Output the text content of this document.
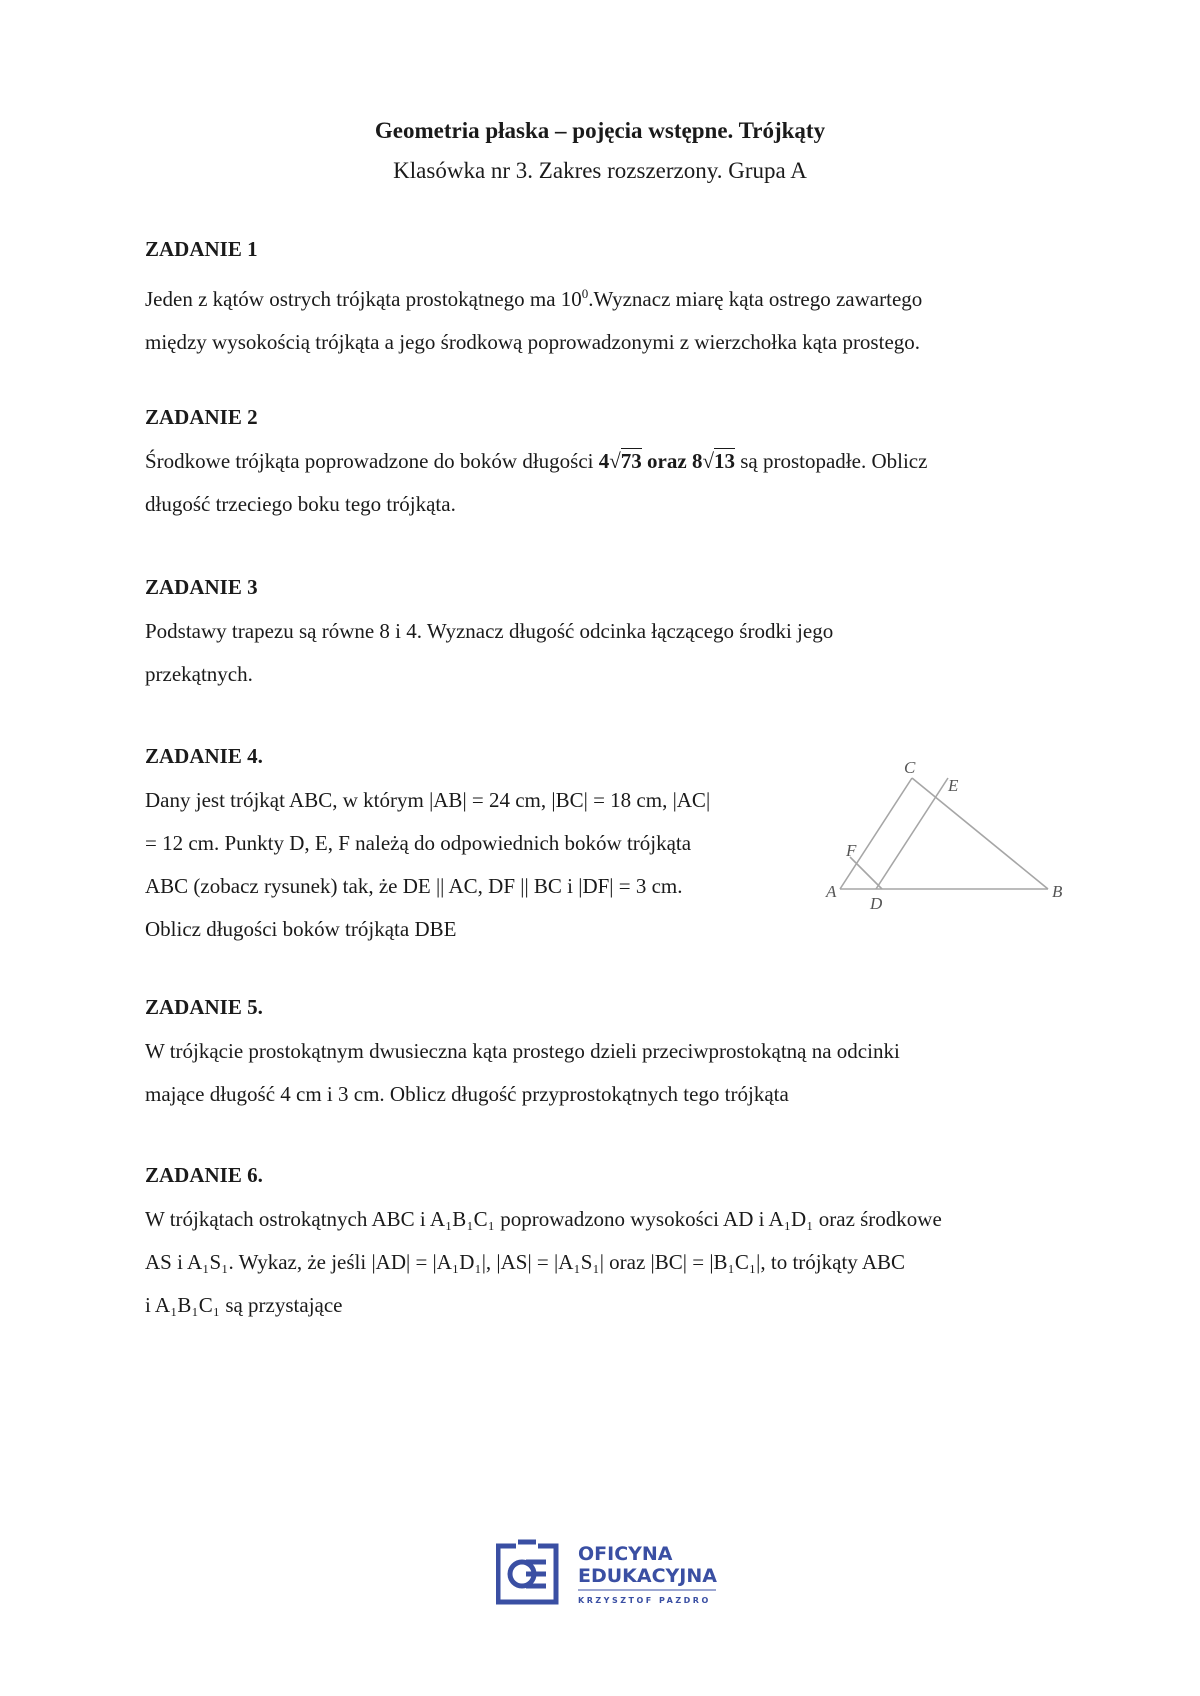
Geometria płaska – pojęcia wstępne. Trójkąty
Klasówka nr 3. Zakres rozszerzony. Grupa A
ZADANIE 1
Jeden z kątów ostrych trójkąta prostokątnego ma $10^0.Wyznacz$ miarę kąta ostrego zawartego
między wysokością trójkąta a jego środkową poprowadzonymi z wierzchołka kąta prostego.
ZADANIE 2
Środkowe trójkąta poprowadzone do boków długości 4√73 oraz 8√13 są prostopadłe. Oblicz
długość trzeciego boku tego trójkąta.
ZADANIE 3
Podstawy trapezu są równe 8 i 4. Wyznacz długość odcinka łączącego środki jego
przekątnych.
ZADANIE 4.
Dany jest trójkąt ABC, w którym |AB| = 24 cm, |BC| = 18 cm, |AC|
= 12 cm. Punkty D, E, F należą do odpowiednich boków trójkąta
ABC (zobacz rysunek) tak, że DE || AC, DF || BC i |DF| = 3 cm.
Oblicz długości boków trójkąta DBE
A	B
C
D
E
F
ZADANIE 5.
W trójkącie prostokątnym dwusieczna kąta prostego dzieli przeciwprostokątną na odcinki
mające długość 4 cm i 3 cm. Oblicz długość przyprostokątnych tego trójkąta
ZADANIE 6.
W trójkątach ostrokątnych ABC i A₁B₁C₁ poprowadzono wysokości AD i A₁D₁ oraz środkowe
AS i A₁S₁. Wykaz, że jeśli |AD| = |A₁D₁|, |AS| = |A₁S₁| oraz |BC| = |B₁C₁|, to trójkąty ABC
i A₁B₁C₁ są przystające
OFICYNA
EDUKACYJNA
KRZYSZTOF PAZDRO
